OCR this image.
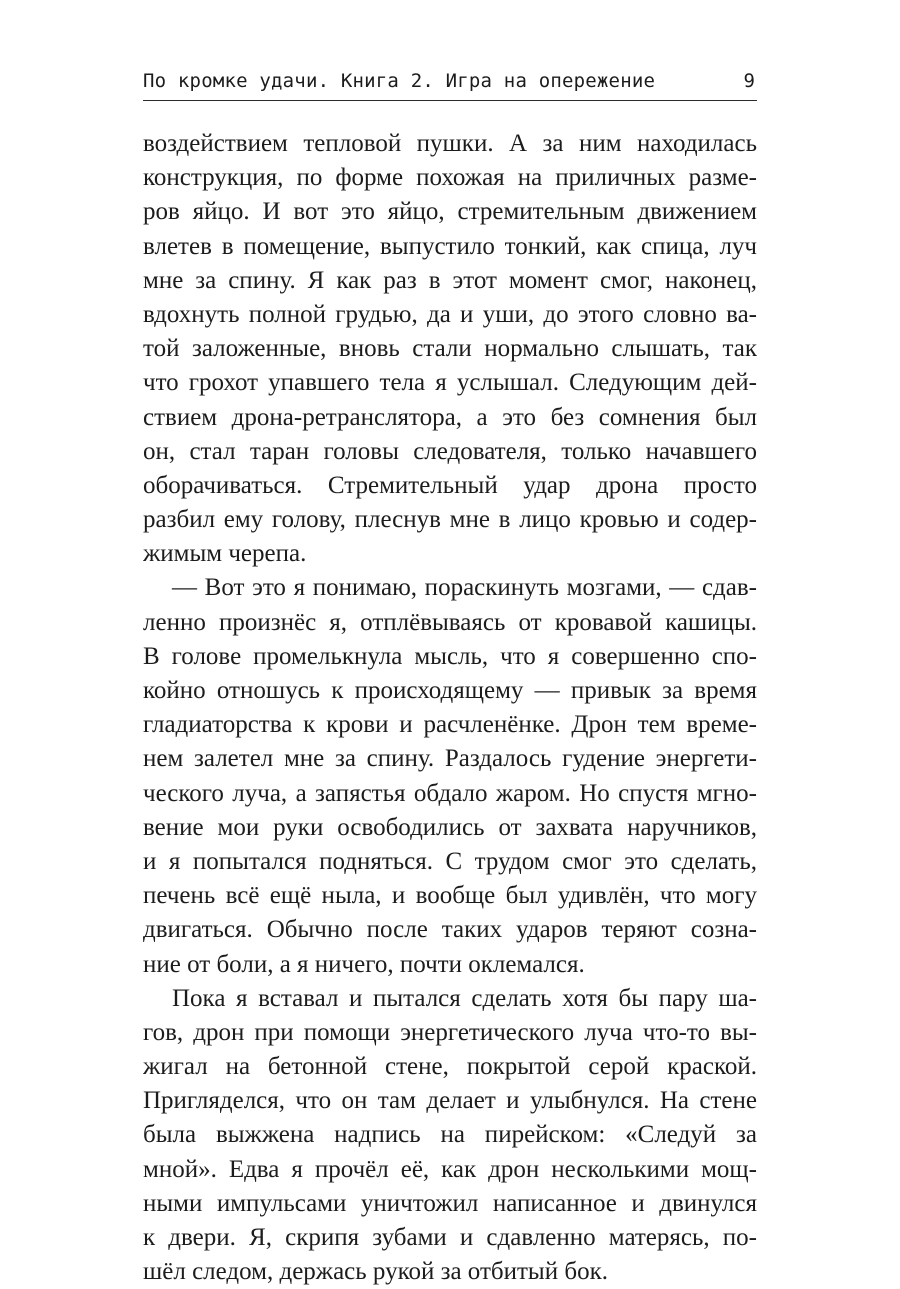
По кромке удачи. Книга 2. Игра на опережение	9
воздействием тепловой пушки. А за ним находилась
конструкция, по форме похожая на приличных разме-
ров яйцо. И вот это яйцо, стремительным движением
влетев в помещение, выпустило тонкий, как спица, луч
мне за спину. Я как раз в этот момент смог, наконец,
вдохнуть полной грудью, да и уши, до этого словно ва-
той заложенные, вновь стали нормально слышать, так
что грохот упавшего тела я услышал. Следующим дей-
ствием дрона-ретранслятора, а это без сомнения был
он, стал таран головы следователя, только начавшего
оборачиваться. Стремительный удар дрона просто
разбил ему голову, плеснув мне в лицо кровью и содер-
жимым черепа.
— Вот это я понимаю, пораскинуть мозгами, — сдав-
ленно произнёс я, отплёвываясь от кровавой кашицы.
В голове промелькнула мысль, что я совершенно спо-
койно отношусь к происходящему — привык за время
гладиаторства к крови и расчленёнке. Дрон тем време-
нем залетел мне за спину. Раздалось гудение энергети-
ческого луча, а запястья обдало жаром. Но спустя мгно-
вение мои руки освободились от захвата наручников,
и я попытался подняться. С трудом смог это сделать,
печень всё ещё ныла, и вообще был удивлён, что могу
двигаться. Обычно после таких ударов теряют созна-
ние от боли, а я ничего, почти оклемался.
Пока я вставал и пытался сделать хотя бы пару ша-
гов, дрон при помощи энергетического луча что-то вы-
жигал на бетонной стене, покрытой серой краской.
Пригляделся, что он там делает и улыбнулся. На стене
была выжжена надпись на пирейском: «Следуй за
мной». Едва я прочёл её, как дрон несколькими мощ-
ными импульсами уничтожил написанное и двинулся
к двери. Я, скрипя зубами и сдавленно матерясь, по-
шёл следом, держась рукой за отбитый бок.
